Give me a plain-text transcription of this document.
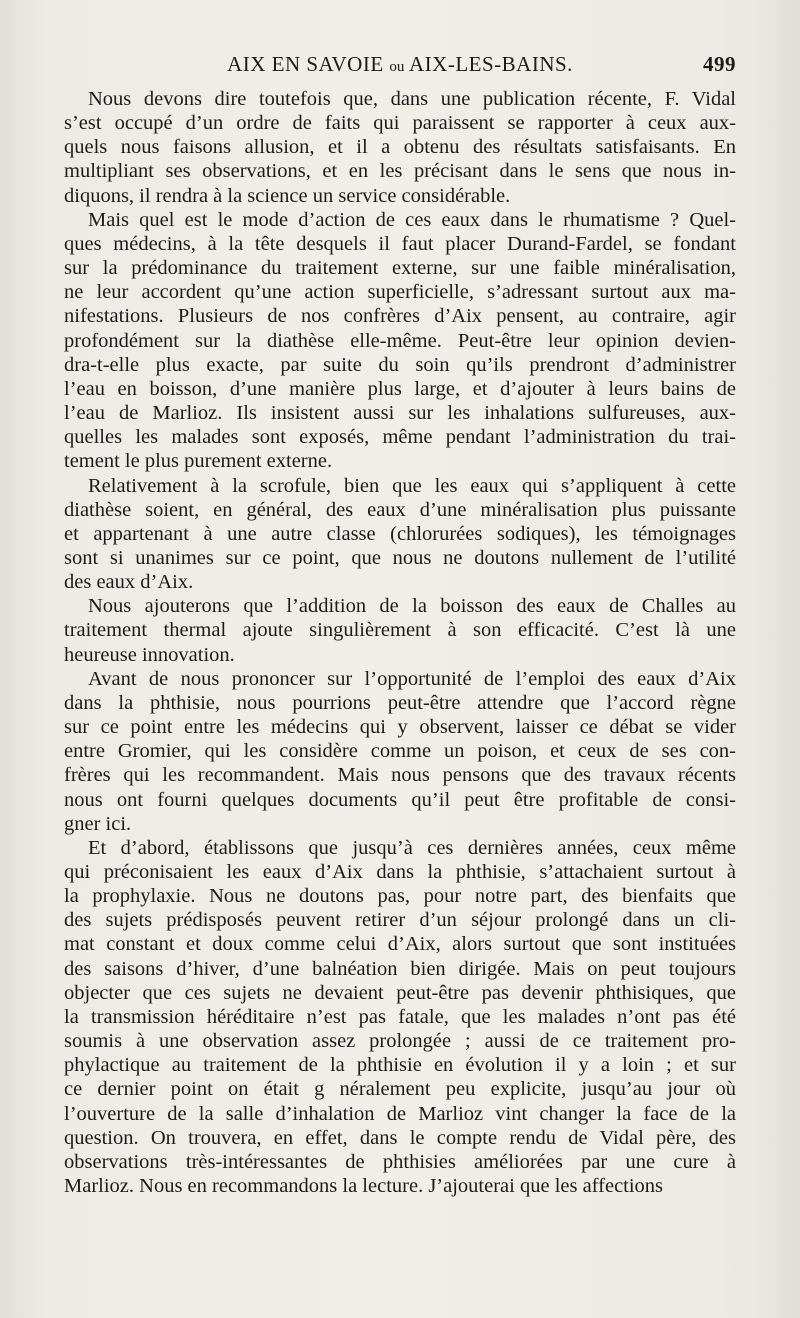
AIX EN SAVOIE ou AIX-LES-BAINS.	499
Nous devons dire toutefois que, dans une publication récente, F. Vidal
s’est occupé d’un ordre de faits qui paraissent se rapporter à ceux aux-
quels nous faisons allusion, et il a obtenu des résultats satisfaisants. En
multipliant ses observations, et en les précisant dans le sens que nous in-
diquons, il rendra à la science un service considérable.
Mais quel est le mode d’action de ces eaux dans le rhumatisme ? Quel-
ques médecins, à la tête desquels il faut placer Durand-Fardel, se fondant
sur la prédominance du traitement externe, sur une faible minéralisation,
ne leur accordent qu’une action superficielle, s’adressant surtout aux ma-
nifestations. Plusieurs de nos confrères d’Aix pensent, au contraire, agir
profondément sur la diathèse elle-même. Peut-être leur opinion devien-
dra-t-elle plus exacte, par suite du soin qu’ils prendront d’administrer
l’eau en boisson, d’une manière plus large, et d’ajouter à leurs bains de
l’eau de Marlioz. Ils insistent aussi sur les inhalations sulfureuses, aux-
quelles les malades sont exposés, même pendant l’administration du trai-
tement le plus purement externe.
Relativement à la scrofule, bien que les eaux qui s’appliquent à cette
diathèse soient, en général, des eaux d’une minéralisation plus puissante
et appartenant à une autre classe (chlorurées sodiques), les témoignages
sont si unanimes sur ce point, que nous ne doutons nullement de l’utilité
des eaux d’Aix.
Nous ajouterons que l’addition de la boisson des eaux de Challes au
traitement thermal ajoute singulièrement à son efficacité. C’est là une
heureuse innovation.
Avant de nous prononcer sur l’opportunité de l’emploi des eaux d’Aix
dans la phthisie, nous pourrions peut-être attendre que l’accord règne
sur ce point entre les médecins qui y observent, laisser ce débat se vider
entre Gromier, qui les considère comme un poison, et ceux de ses con-
frères qui les recommandent. Mais nous pensons que des travaux récents
nous ont fourni quelques documents qu’il peut être profitable de consi-
gner ici.
Et d’abord, établissons que jusqu’à ces dernières années, ceux même
qui préconisaient les eaux d’Aix dans la phthisie, s’attachaient surtout à
la prophylaxie. Nous ne doutons pas, pour notre part, des bienfaits que
des sujets prédisposés peuvent retirer d’un séjour prolongé dans un cli-
mat constant et doux comme celui d’Aix, alors surtout que sont instituées
des saisons d’hiver, d’une balnéation bien dirigée. Mais on peut toujours
objecter que ces sujets ne devaient peut-être pas devenir phthisiques, que
la transmission héréditaire n’est pas fatale, que les malades n’ont pas été
soumis à une observation assez prolongée ; aussi de ce traitement pro-
phylactique au traitement de la phthisie en évolution il y a loin ; et sur
ce dernier point on était g néralement peu explicite, jusqu’au jour où
l’ouverture de la salle d’inhalation de Marlioz vint changer la face de la
question. On trouvera, en effet, dans le compte rendu de Vidal père, des
observations très-intéressantes de phthisies améliorées par une cure à
Marlioz. Nous en recommandons la lecture. J’ajouterai que les affections
